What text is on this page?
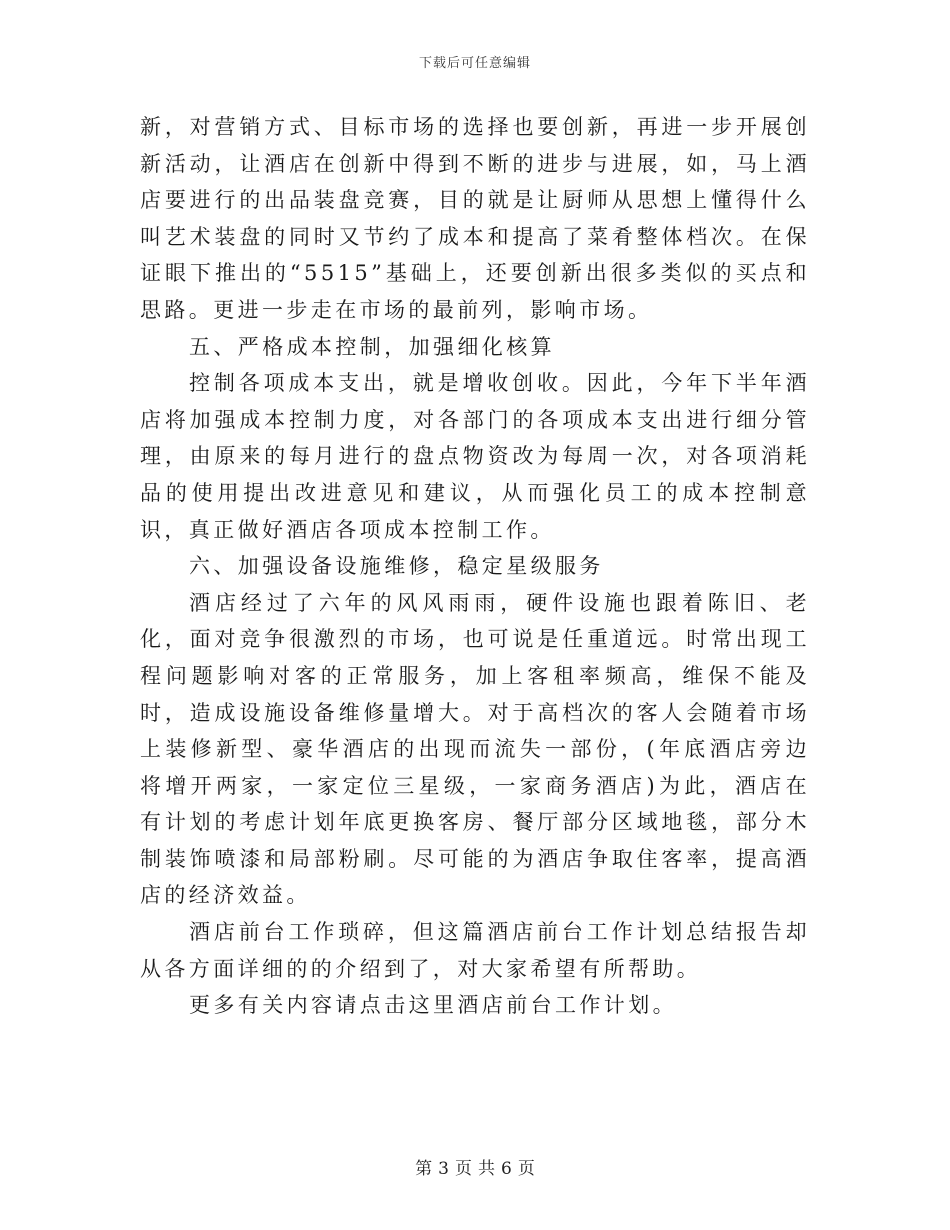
下载后可任意编辑

新，对营销方式、目标市场的选择也要创新，再进一步开展创新活动，让酒店在创新中得到不断的进步与进展，如，马上酒店要进行的出品装盘竞赛，目的就是让厨师从思想上懂得什么叫艺术装盘的同时又节约了成本和提高了菜肴整体档次。在保证眼下推出的“5515”基础上，还要创新出很多类似的买点和思路。更进一步走在市场的最前列，影响市场。

五、严格成本控制，加强细化核算

控制各项成本支出，就是增收创收。因此，今年下半年酒店将加强成本控制力度，对各部门的各项成本支出进行细分管理，由原来的每月进行的盘点物资改为每周一次，对各项消耗品的使用提出改进意见和建议，从而强化员工的成本控制意识，真正做好酒店各项成本控制工作。

六、加强设备设施维修，稳定星级服务

酒店经过了六年的风风雨雨，硬件设施也跟着陈旧、老化，面对竞争很激烈的市场，也可说是任重道远。时常出现工程问题影响对客的正常服务，加上客租率频高，维保不能及时，造成设施设备维修量增大。对于高档次的客人会随着市场上装修新型、豪华酒店的出现而流失一部份，(年底酒店旁边将增开两家，一家定位三星级，一家商务酒店)为此，酒店在有计划的考虑计划年底更换客房、餐厅部分区域地毯，部分木制装饰喷漆和局部粉刷。尽可能的为酒店争取住客率，提高酒店的经济效益。

酒店前台工作琐碎，但这篇酒店前台工作计划总结报告却从各方面详细的的介绍到了，对大家希望有所帮助。

更多有关内容请点击这里酒店前台工作计划。

第 3 页 共 6 页
